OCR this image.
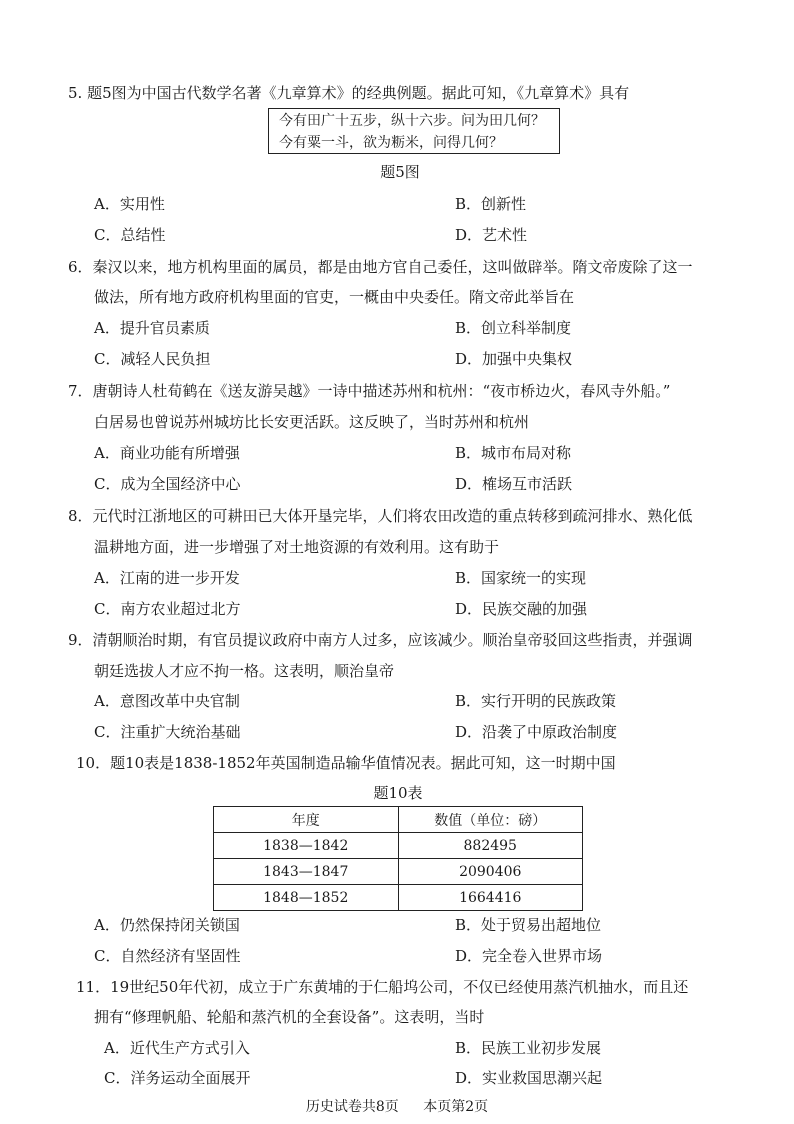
5. 题5图为中国古代数学名著《九章算术》的经典例题。据此可知，《九章算术》具有
今有田广十五步，纵十六步。问为田几何？
今有粟一斗，欲为粝米，问得几何？
题5图
A．实用性	B．创新性
C．总结性	D．艺术性
6．秦汉以来，地方机构里面的属员，都是由地方官自己委任，这叫做辟举。隋文帝废除了这一
做法，所有地方政府机构里面的官吏，一概由中央委任。隋文帝此举旨在
A．提升官员素质	B．创立科举制度
C．减轻人民负担	D．加强中央集权
7．唐朝诗人杜荀鹤在《送友游吴越》一诗中描述苏州和杭州：“夜市桥边火，春风寺外船。”
白居易也曾说苏州城坊比长安更活跃。这反映了，当时苏州和杭州
A．商业功能有所增强	B．城市布局对称
C．成为全国经济中心	D．榷场互市活跃
8．元代时江浙地区的可耕田已大体开垦完毕，人们将农田改造的重点转移到疏河排水、熟化低
温耕地方面，进一步增强了对土地资源的有效利用。这有助于
A．江南的进一步开发	B．国家统一的实现
C．南方农业超过北方	D．民族交融的加强
9．清朝顺治时期，有官员提议政府中南方人过多，应该减少。顺治皇帝驳回这些指责，并强调
朝廷选拔人才应不拘一格。这表明，顺治皇帝
A．意图改革中央官制	B．实行开明的民族政策
C．注重扩大统治基础	D．沿袭了中原政治制度
10．题10表是1838-1852年英国制造品输华值情况表。据此可知，这一时期中国
题10表
年度	数值（单位：磅）
1838—1842	882495
1843—1847	2090406
1848—1852	1664416
A．仍然保持闭关锁国	B．处于贸易出超地位
C．自然经济有坚固性	D．完全卷入世界市场
11．19世纪50年代初，成立于广东黄埔的于仁船坞公司，不仅已经使用蒸汽机抽水，而且还
拥有“修理帆船、轮船和蒸汽机的全套设备”。这表明，当时
A．近代生产方式引入	B．民族工业初步发展
C．洋务运动全面展开	D．实业救国思潮兴起
历史试卷共8页 本页第2页
